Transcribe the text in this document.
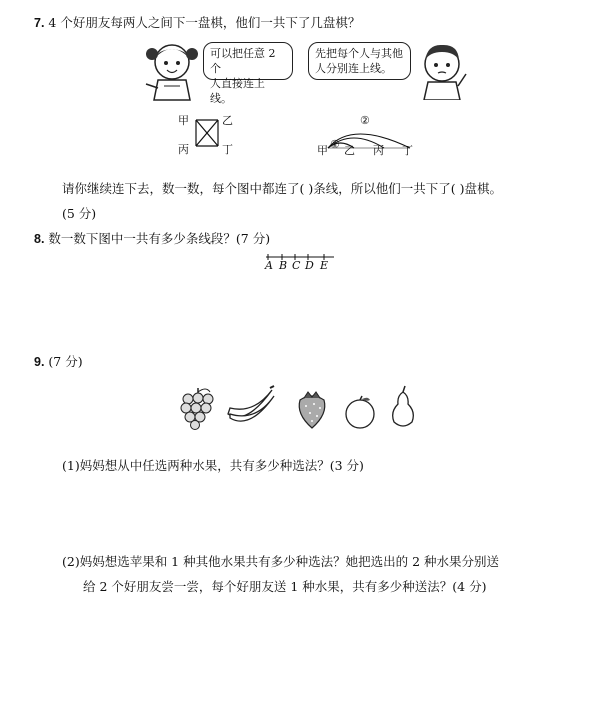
7. 4 个好朋友每两人之间下一盘棋，他们一共下了几盘棋？
可以把任意 2 个
人直接连上线。
先把每个人与其他
人分别连上线。
甲	乙
丙	丁	甲 ① 乙 丙 丁
②
请你继续连下去，数一数，每个图中都连了( )条线，所以他们一共下了( )盘棋。
(5 分)
8. 数一数下图中一共有多少条线段？(7 分)
A B C D E
9. (7 分)
(1)妈妈想从中任选两种水果，共有多少种选法？(3 分)
(2)妈妈想选苹果和 1 种其他水果共有多少种选法？她把选出的 2 种水果分别送
给 2 个好朋友尝一尝，每个好朋友送 1 种水果，共有多少种送法？(4 分)
